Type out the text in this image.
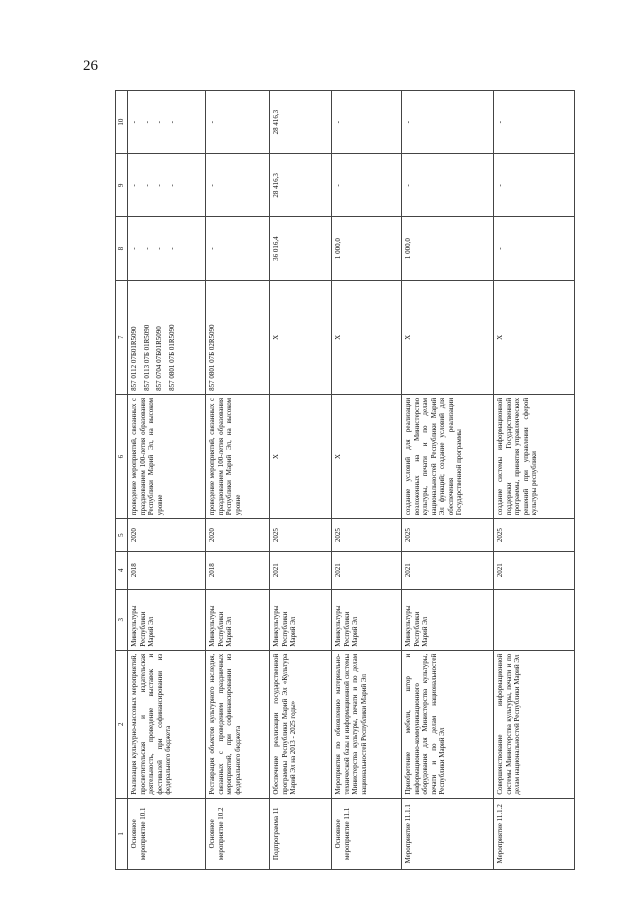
26
1	2	3	4	5	6	7	8	9	10
Основное мероприятие 10.1	Реализация культурно-массовых мероприятий, просветительская и издательская деятельность, проведение выставок и фестивалей при софинансировании из федерального бюджета	Минкультуры Республики Марий Эл	2018	2020	проведение мероприятий, связанных с празднованием 100-летия образования Республики Марий Эл, на высоком уровне	857 0112 07Б01R5090 857 0113 07Б 01R5090 857 0704 07Б01R5090 857 0801 07Б 01R5090	- - - -	- - - -	- - - -

Основное мероприятие 10.2	Реставрация объектов культурного наследия, связанных с проведением праздничных мероприятий, при софинансировании из федерального бюджета	Минкультуры Республики Марий Эл	2018	2020	проведение мероприятий, связанных с празднованием 100-летия образования Республики Марий Эл, на высоком уровне	857 0801 07Б 02R5090	-	-	-
Подпрограмма 11	Обеспечение реализации государственной программы Республики Марий Эл «Культура Марий Эл на 2013 - 2025 годы»	Минкультуры Республики Марий Эл	2021	2025	Х	Х	36 016,4	28 416,3	28 416,3
Основное мероприятие 11.1	Мероприятия по обновлению материально-технической базы и информационной системы Министерства культуры, печати и по делам национальностей Республики Марий Эл	Минкультуры Республики Марий Эл	2021	2025	Х	Х	1 000,0	-	-
Мероприятие 11.1.1	Приобретение мебели, штор и информационно-коммуникационного оборудования для Министерства культуры, печати и по делам национальностей Республики Марий Эл	Минкультуры Республики Марий Эл	2021	2025	создание условий для реализации возложенных на Министерство культуры, печати и по делам национальностей Республики Марий Эл функций; создание условий для обеспечения реализации Государственной программы	Х	1 000,0	-	-
Мероприятие 11.1.2	Совершенствование информационной системы Министерства культуры, печати и по делам национальностей Республики Марий Эл		2021	2025	создание системы информационной поддержки Государственной программы, принятия управленческих решений при управлении сферой культуры республики	Х	-	-	-
